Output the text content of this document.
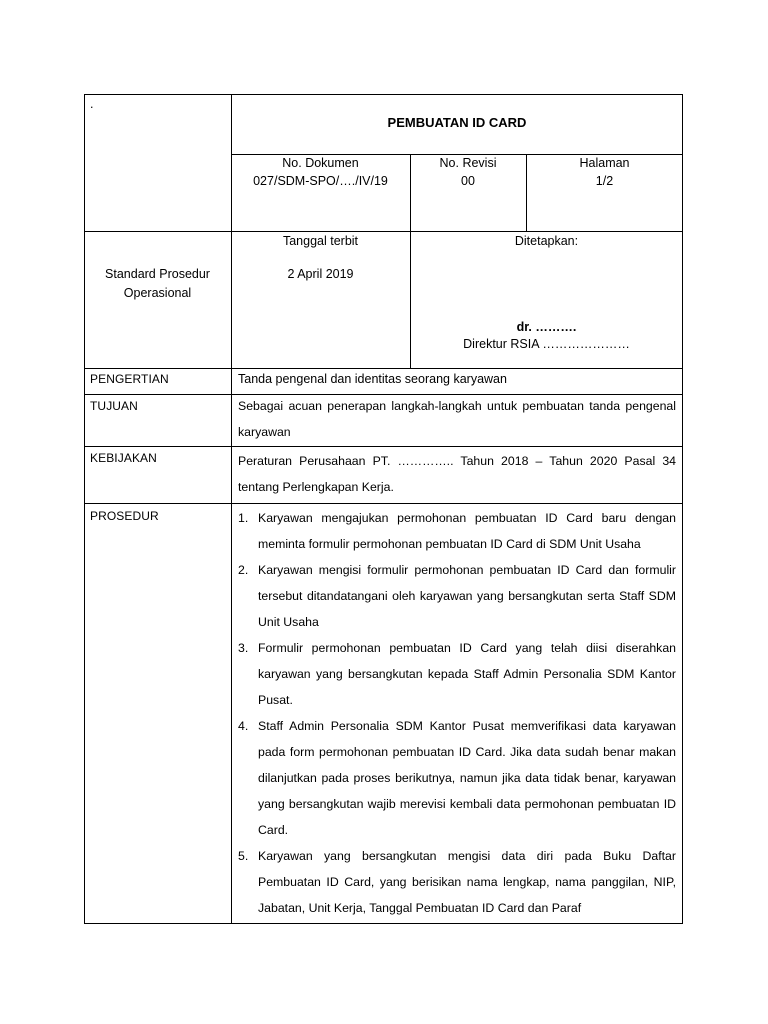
.
PEMBUATAN ID CARD
No. Dokumen
027/SDM-SPO/…./IV/19
No. Revisi
00
Halaman
1/2
Standard Prosedur
Operasional
Tanggal terbit
2 April 2019
Ditetapkan:
dr. ……….
Direktur RSIA …………………
PENGERTIAN
TUJUAN
KEBIJAKAN
PROSEDUR
Tanda pengenal dan identitas seorang karyawan
Sebagai acuan penerapan langkah-langkah untuk pembuatan tanda pengenal karyawan
Peraturan Perusahaan PT. ………….. Tahun 2018 – Tahun 2020 Pasal 34 tentang Perlengkapan Kerja.
1. Karyawan mengajukan permohonan pembuatan ID Card baru dengan meminta formulir permohonan pembuatan ID Card di SDM Unit Usaha
2. Karyawan mengisi formulir permohonan pembuatan ID Card dan formulir tersebut ditandatangani oleh karyawan yang bersangkutan serta Staff SDM Unit Usaha
3. Formulir permohonan pembuatan ID Card yang telah diisi diserahkan karyawan yang bersangkutan kepada Staff Admin Personalia SDM Kantor Pusat.
4. Staff Admin Personalia SDM Kantor Pusat memverifikasi data karyawan pada form permohonan pembuatan ID Card. Jika data sudah benar makan dilanjutkan pada proses berikutnya, namun jika data tidak benar, karyawan yang bersangkutan wajib merevisi kembali data permohonan pembuatan ID Card.
5. Karyawan yang bersangkutan mengisi data diri pada Buku Daftar Pembuatan ID Card, yang berisikan nama lengkap, nama panggilan, NIP, Jabatan, Unit Kerja, Tanggal Pembuatan ID Card dan Paraf
